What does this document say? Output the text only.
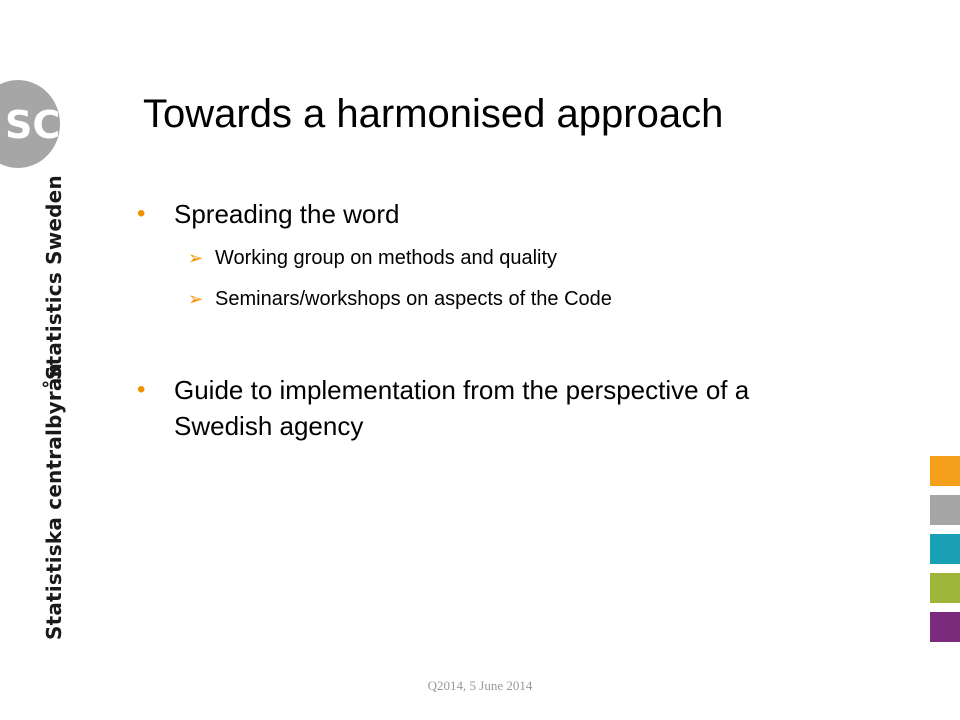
SCB
Statistics Sweden
Statistiska centralbyrån
Towards a harmonised approach
• Spreading the word
➢ Working group on methods and quality
➢ Seminars/workshops on aspects of the Code
• Guide to implementation from the perspective of a Swedish agency
Q2014, 5 June 2014
